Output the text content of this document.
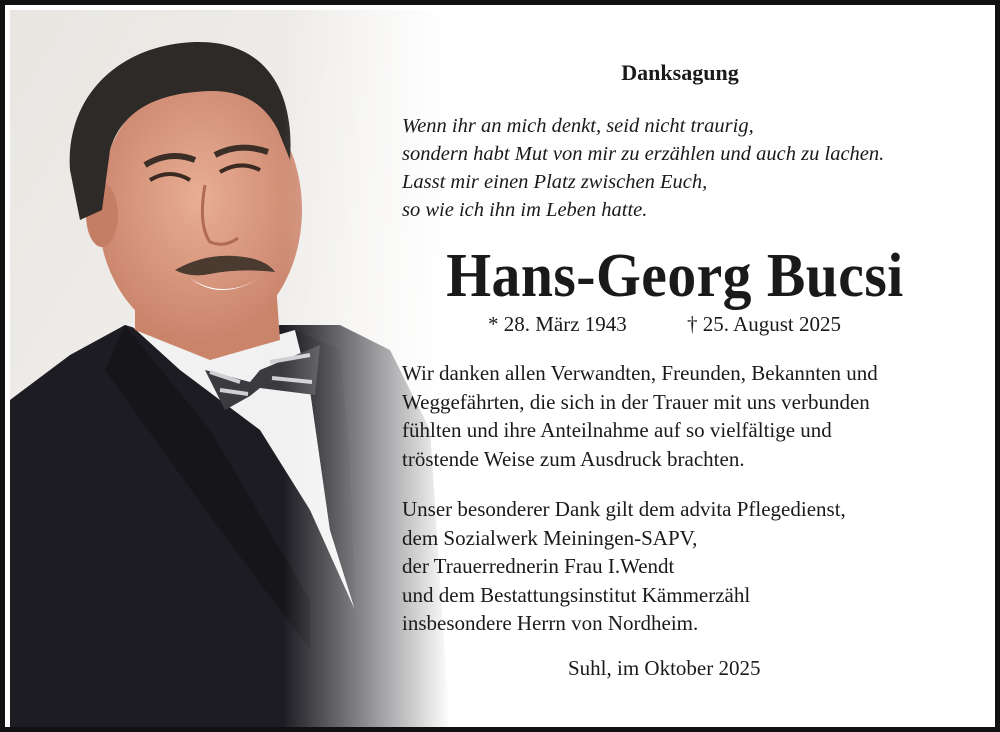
Danksagung
Wenn ihr an mich denkt, seid nicht traurig,
sondern habt Mut von mir zu erzählen und auch zu lachen.
Lasst mir einen Platz zwischen Euch,
so wie ich ihn im Leben hatte.
Hans-Georg Bucsi
* 28. März 1943	† 25. August 2025
Wir danken allen Verwandten, Freunden, Bekannten und
Weggefährten, die sich in der Trauer mit uns verbunden
fühlten und ihre Anteilnahme auf so vielfältige und
tröstende Weise zum Ausdruck brachten.
Unser besonderer Dank gilt dem advita Pflegedienst,
dem Sozialwerk Meiningen-SAPV,
der Trauerrednerin Frau I.Wendt
und dem Bestattungsinstitut Kämmerzähl
insbesondere Herrn von Nordheim.
Suhl, im Oktober 2025
